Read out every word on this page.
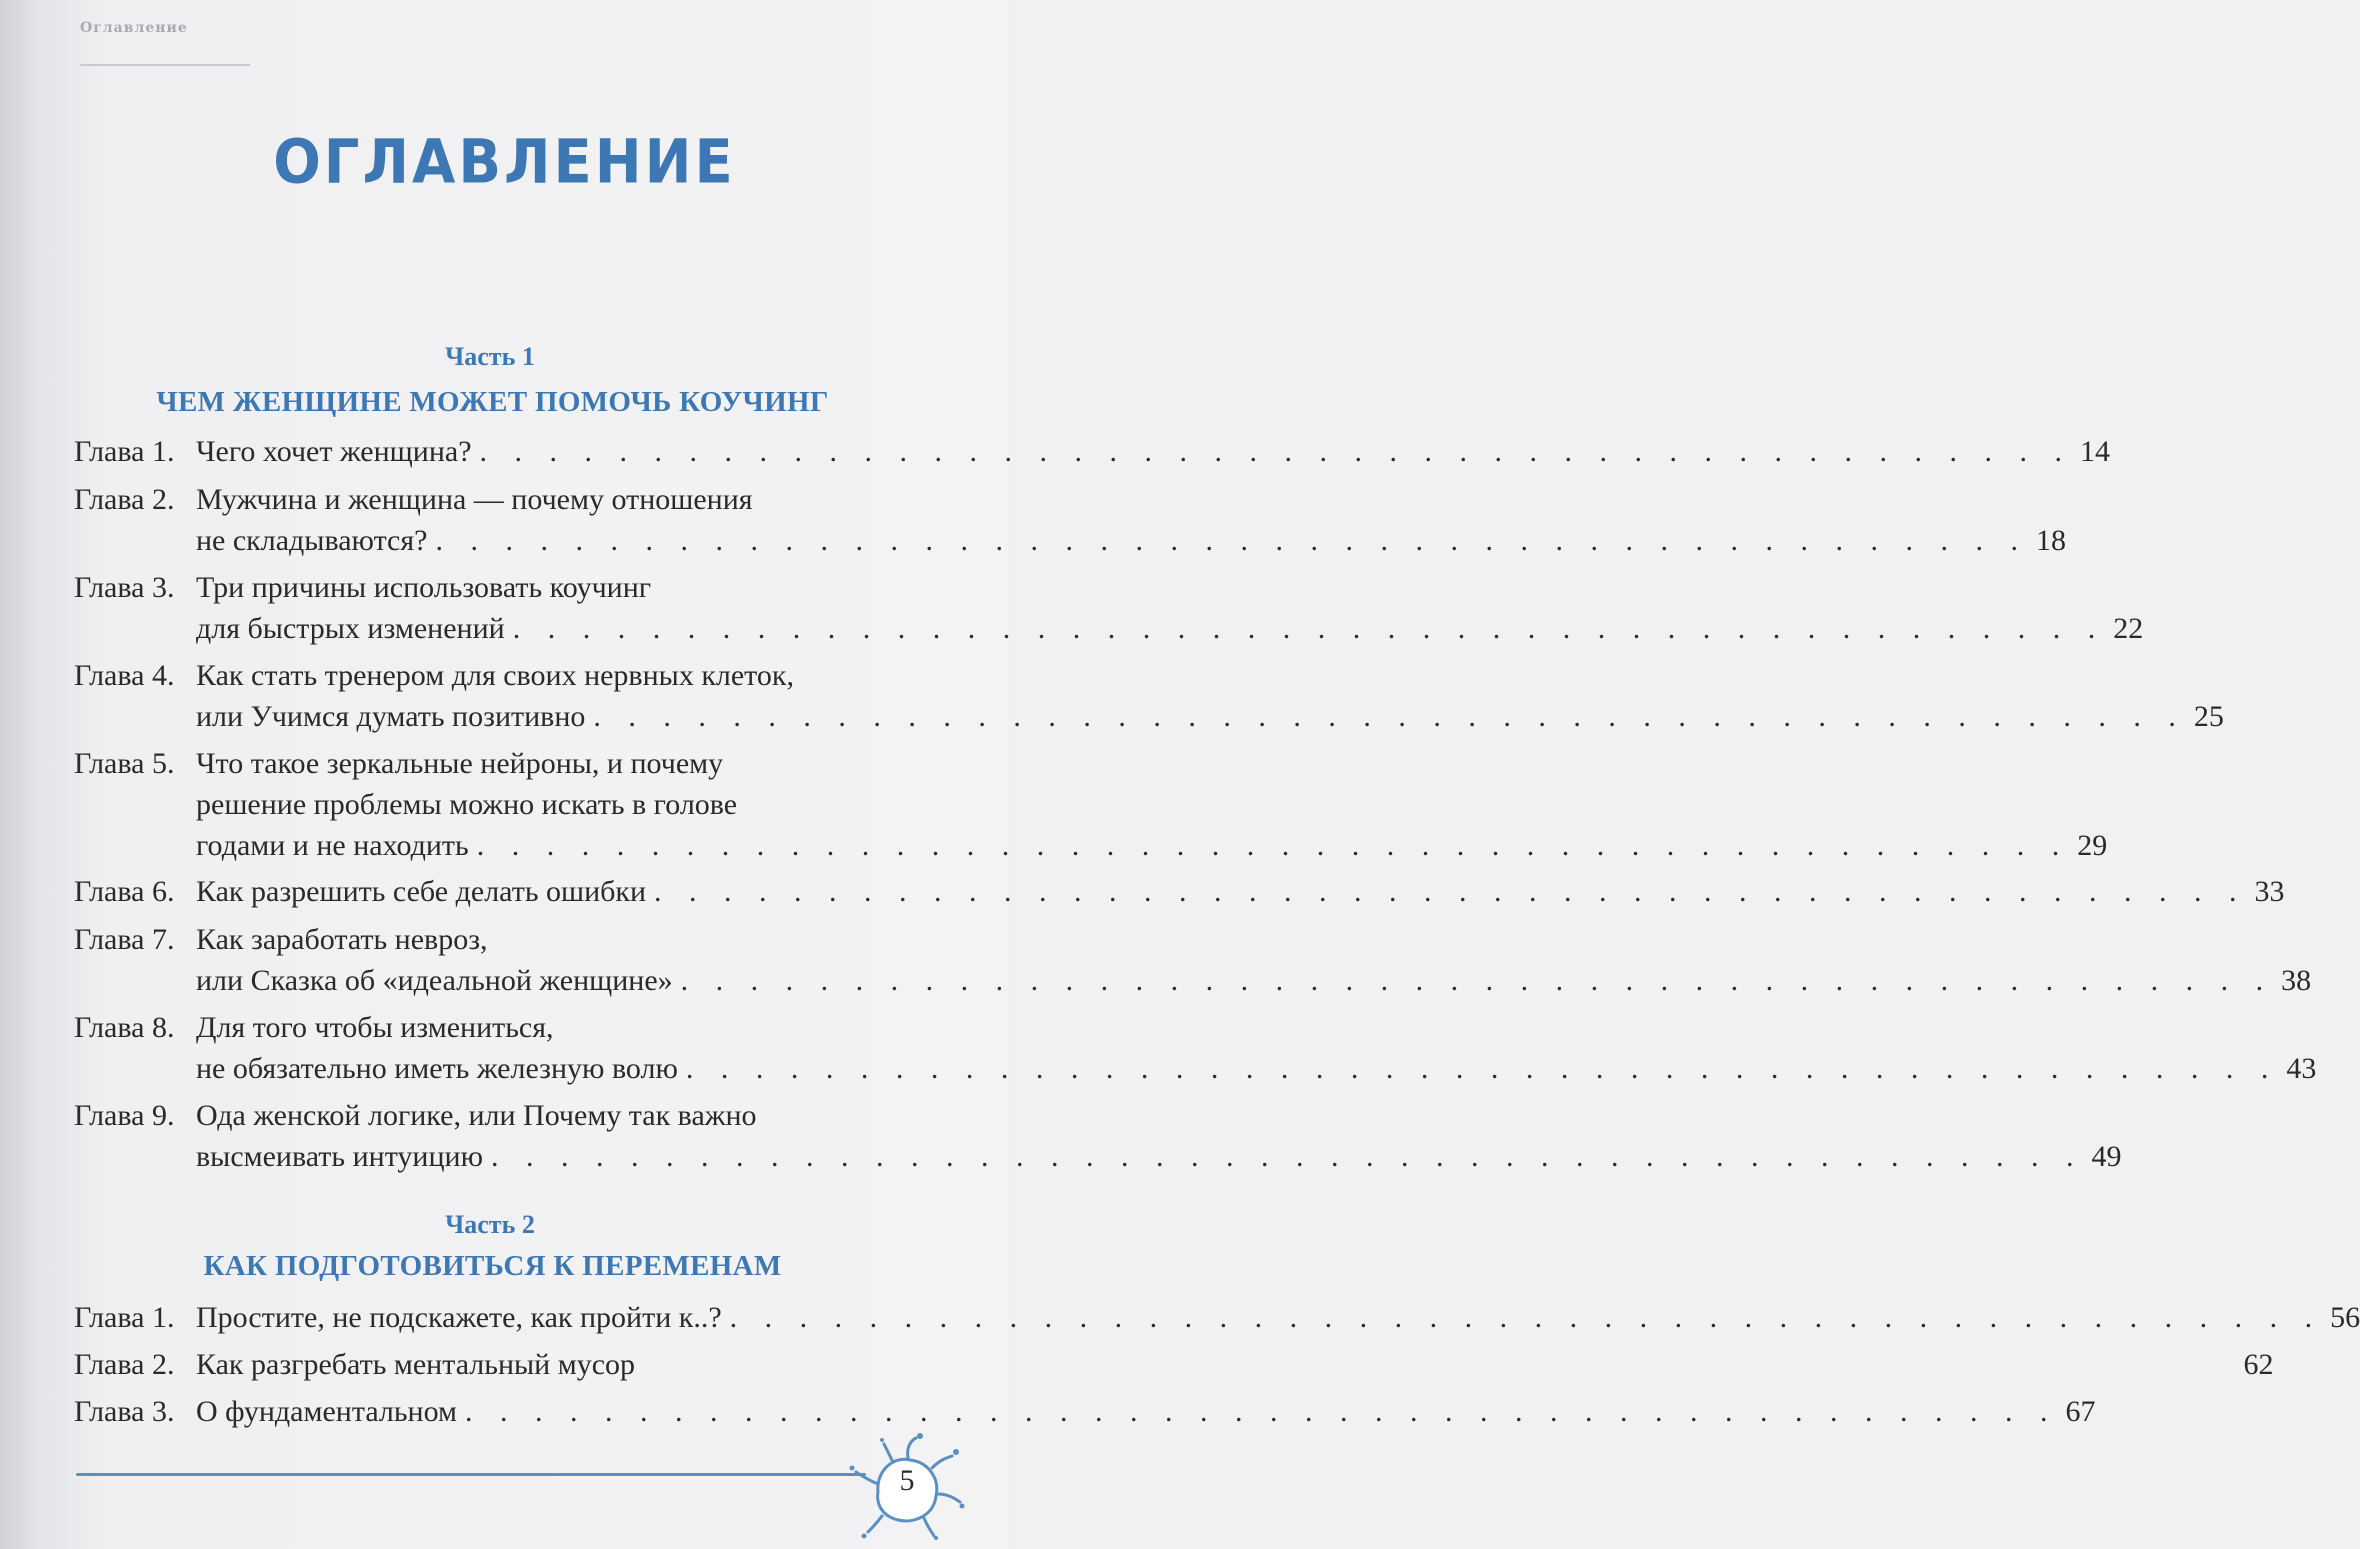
Оглавление
ОГЛАВЛЕНИЕ
Часть 1
ЧЕМ ЖЕНЩИНЕ МОЖЕТ ПОМОЧЬ КОУЧИНГ
Глава 1. Чего хочет женщина? . . . . . . . . . . . . . . . . . . . . . . . . . . . . . . . . . . . . . . . . . . . . . . 14
Глава 2. Мужчина и женщина — почему отношения
не складываются? . . . . . . . . . . . . . . . . . . . . . . . . . . . . . . . . . . . . . . . . . . . . . . 18
Глава 3. Три причины использовать коучинг
для быстрых изменений . . . . . . . . . . . . . . . . . . . . . . . . . . . . . . . . . . . . . . . . . . . . . . 22
Глава 4. Как стать тренером для своих нервных клеток,
или Учимся думать позитивно . . . . . . . . . . . . . . . . . . . . . . . . . . . . . . . . . . . . . . . . . . . . . . 25
Глава 5. Что такое зеркальные нейроны, и почему
решение проблемы можно искать в голове
годами и не находить . . . . . . . . . . . . . . . . . . . . . . . . . . . . . . . . . . . . . . . . . . . . . . 29
Глава 6. Как разрешить себе делать ошибки . . . . . . . . . . . . . . . . . . . . . . . . . . . . . . . . . . . . . . . . . . . . . . 33
Глава 7. Как заработать невроз,
или Сказка об «идеальной женщине» . . . . . . . . . . . . . . . . . . . . . . . . . . . . . . . . . . . . . . . . . . . . . . 38
Глава 8. Для того чтобы измениться,
не обязательно иметь железную волю . . . . . . . . . . . . . . . . . . . . . . . . . . . . . . . . . . . . . . . . . . . . . . 43
Глава 9. Ода женской логике, или Почему так важно
высмеивать интуицию . . . . . . . . . . . . . . . . . . . . . . . . . . . . . . . . . . . . . . . . . . . . . . 49
Часть 2
КАК ПОДГОТОВИТЬСЯ К ПЕРЕМЕНАМ
Глава 1. Простите, не подскажете, как пройти к..? . . . . . . . . . . . . . . . . . . . . . . . . . . . . . . . . . . . . . . . . . . . . . . 56
Глава 2. Как разгребать ментальный мусор	62
Глава 3. О фундаментальном . . . . . . . . . . . . . . . . . . . . . . . . . . . . . . . . . . . . . . . . . . . . . . 67
5
